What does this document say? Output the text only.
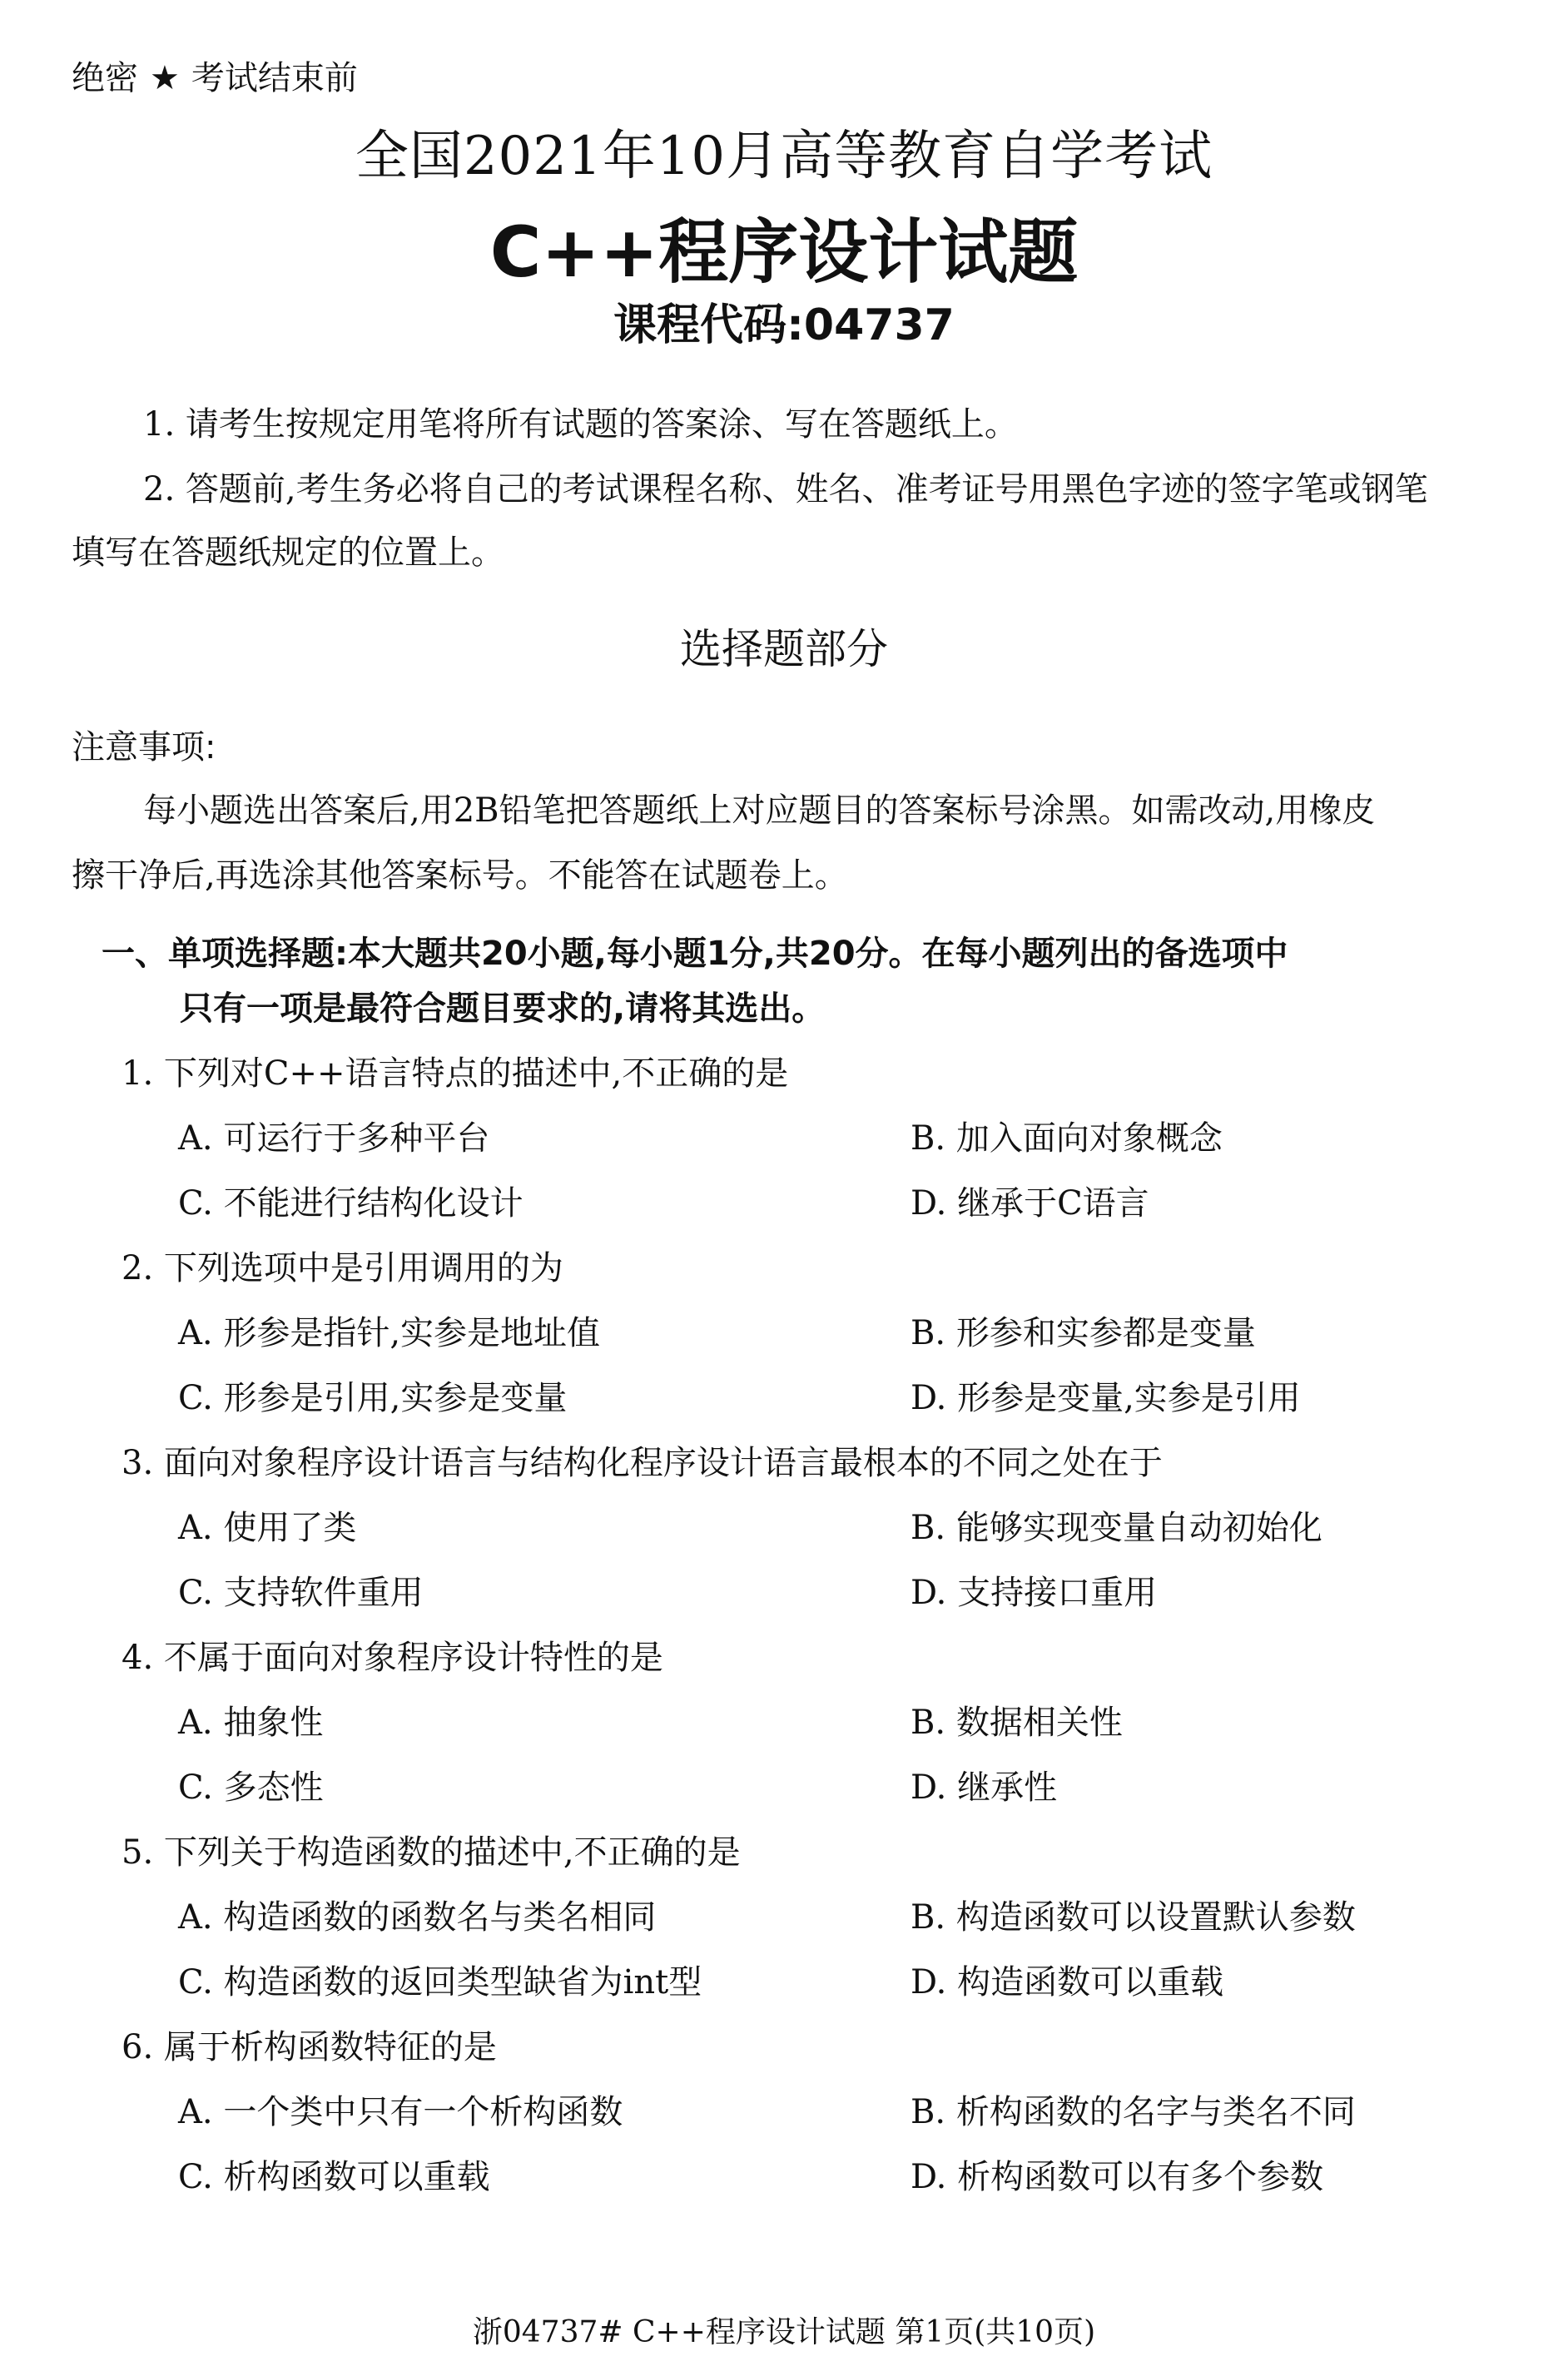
绝密 ★ 考试结束前
全国2021年10月高等教育自学考试
C++程序设计试题
课程代码:04737
1. 请考生按规定用笔将所有试题的答案涂、写在答题纸上。
2. 答题前,考生务必将自己的考试课程名称、姓名、准考证号用黑色字迹的签字笔或钢笔
填写在答题纸规定的位置上。
选择题部分
注意事项:
每小题选出答案后,用2B铅笔把答题纸上对应题目的答案标号涂黑。如需改动,用橡皮
擦干净后,再选涂其他答案标号。不能答在试题卷上。
一、单项选择题:本大题共20小题,每小题1分,共20分。在每小题列出的备选项中
只有一项是最符合题目要求的,请将其选出。
1. 下列对C++语言特点的描述中,不正确的是
A. 可运行于多种平台	B. 加入面向对象概念
C. 不能进行结构化设计	D. 继承于C语言
2. 下列选项中是引用调用的为
A. 形参是指针,实参是地址值	B. 形参和实参都是变量
C. 形参是引用,实参是变量	D. 形参是变量,实参是引用
3. 面向对象程序设计语言与结构化程序设计语言最根本的不同之处在于
A. 使用了类	B. 能够实现变量自动初始化
C. 支持软件重用	D. 支持接口重用
4. 不属于面向对象程序设计特性的是
A. 抽象性	B. 数据相关性
C. 多态性	D. 继承性
5. 下列关于构造函数的描述中,不正确的是
A. 构造函数的函数名与类名相同	B. 构造函数可以设置默认参数
C. 构造函数的返回类型缺省为int型	D. 构造函数可以重载
6. 属于析构函数特征的是
A. 一个类中只有一个析构函数	B. 析构函数的名字与类名不同
C. 析构函数可以重载	D. 析构函数可以有多个参数
浙04737# C++程序设计试题 第1页(共10页)
